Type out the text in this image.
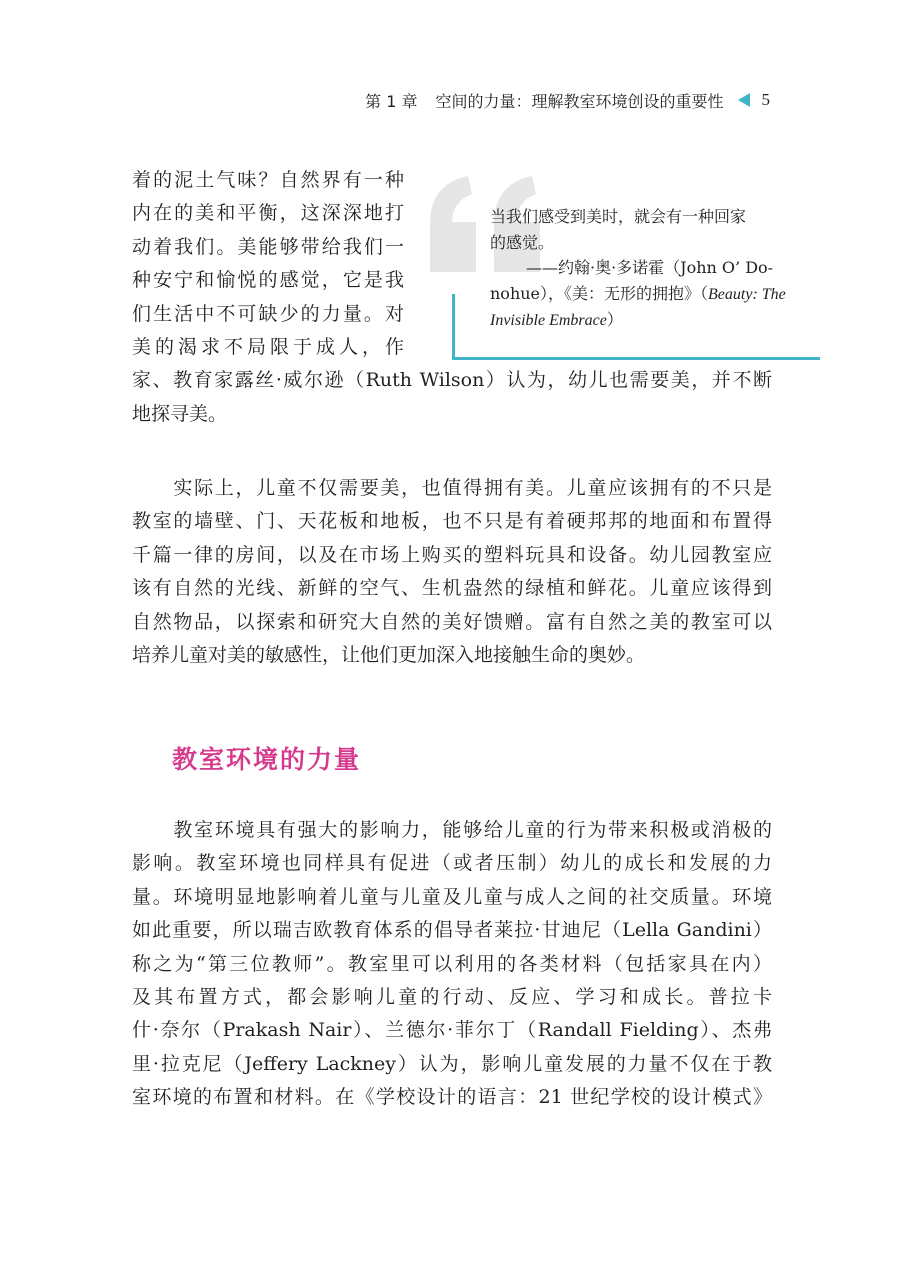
第 1 章 空间的力量：理解教室环境创设的重要性 5
着的泥土气味？自然界有一种
内在的美和平衡，这深深地打
动着我们。美能够带给我们一
种安宁和愉悦的感觉，它是我
们生活中不可缺少的力量。对
美的渴求不局限于成人，作
家、教育家露丝·威尔逊（Ruth Wilson）认为，幼儿也需要美，并不断
地探寻美。
当我们感受到美时，就会有一种回家
的感觉。
——约翰·奥·多诺霍（John O’ Do-
nohue），《美：无形的拥抱》（Beauty: The
Invisible Embrace）
　　实际上，儿童不仅需要美，也值得拥有美。儿童应该拥有的不只是
教室的墙壁、门、天花板和地板，也不只是有着硬邦邦的地面和布置得
千篇一律的房间，以及在市场上购买的塑料玩具和设备。幼儿园教室应
该有自然的光线、新鲜的空气、生机盎然的绿植和鲜花。儿童应该得到
自然物品，以探索和研究大自然的美好馈赠。富有自然之美的教室可以
培养儿童对美的敏感性，让他们更加深入地接触生命的奥妙。
教室环境的力量
　　教室环境具有强大的影响力，能够给儿童的行为带来积极或消极的
影响。教室环境也同样具有促进（或者压制）幼儿的成长和发展的力
量。环境明显地影响着儿童与儿童及儿童与成人之间的社交质量。环境
如此重要，所以瑞吉欧教育体系的倡导者莱拉·甘迪尼（Lella Gandini）
称之为“第三位教师”。教室里可以利用的各类材料（包括家具在内）
及其布置方式，都会影响儿童的行动、反应、学习和成长。普拉卡
什·奈尔（Prakash Nair）、兰德尔·菲尔丁（Randall Fielding）、杰弗
里·拉克尼（Jeffery Lackney）认为，影响儿童发展的力量不仅在于教
室环境的布置和材料。在《学校设计的语言：21 世纪学校的设计模式》
